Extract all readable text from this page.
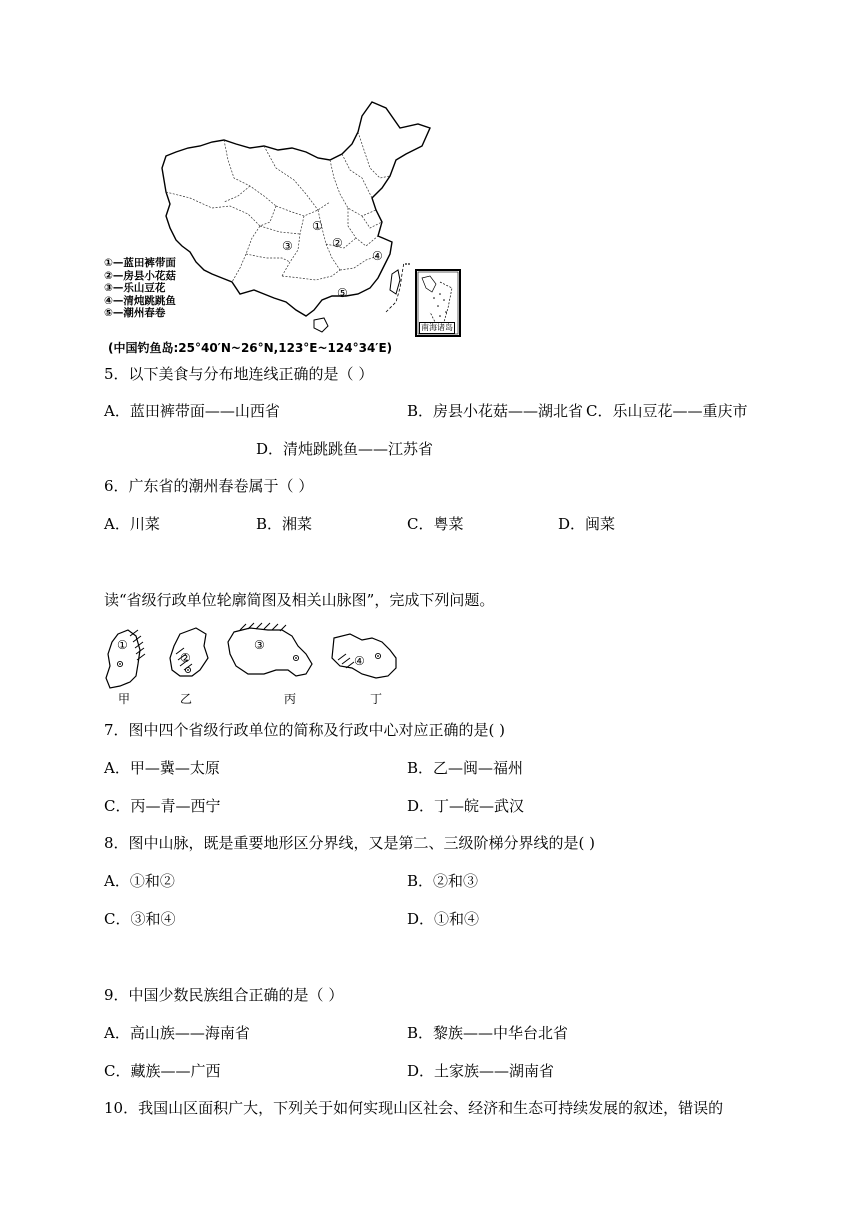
①
②
③
④
⑤
南海诸岛
①—蓝田裤带面
②—房县小花菇
③—乐山豆花
④—清炖跳跳鱼
⑤—潮州春卷
(中国钓鱼岛:25°40′N~26°N,123°E~124°34′E)
5．以下美食与分布地连线正确的是（ ）
A．蓝田裤带面——山西省	B．房县小花菇——湖北省 C．乐山豆花——重庆市
D．清炖跳跳鱼——江苏省
6．广东省的潮州春卷属于（ ）
A．川菜	B．湘菜	C．粤菜	D．闽菜
读“省级行政单位轮廓简图及相关山脉图”，完成下列问题。
①
②
③
④
甲	乙	丙	丁
7．图中四个省级行政单位的简称及行政中心对应正确的是( )
A．甲—冀—太原	B．乙—闽—福州
C．丙—青—西宁	D．丁—皖—武汉
8．图中山脉，既是重要地形区分界线，又是第二、三级阶梯分界线的是( )
A．①和②	B．②和③
C．③和④	D．①和④
9．中国少数民族组合正确的是（ ）
A．高山族——海南省	B．黎族——中华台北省
C．藏族——广西	D．土家族——湖南省
10．我国山区面积广大，下列关于如何实现山区社会、经济和生态可持续发展的叙述，错误的
